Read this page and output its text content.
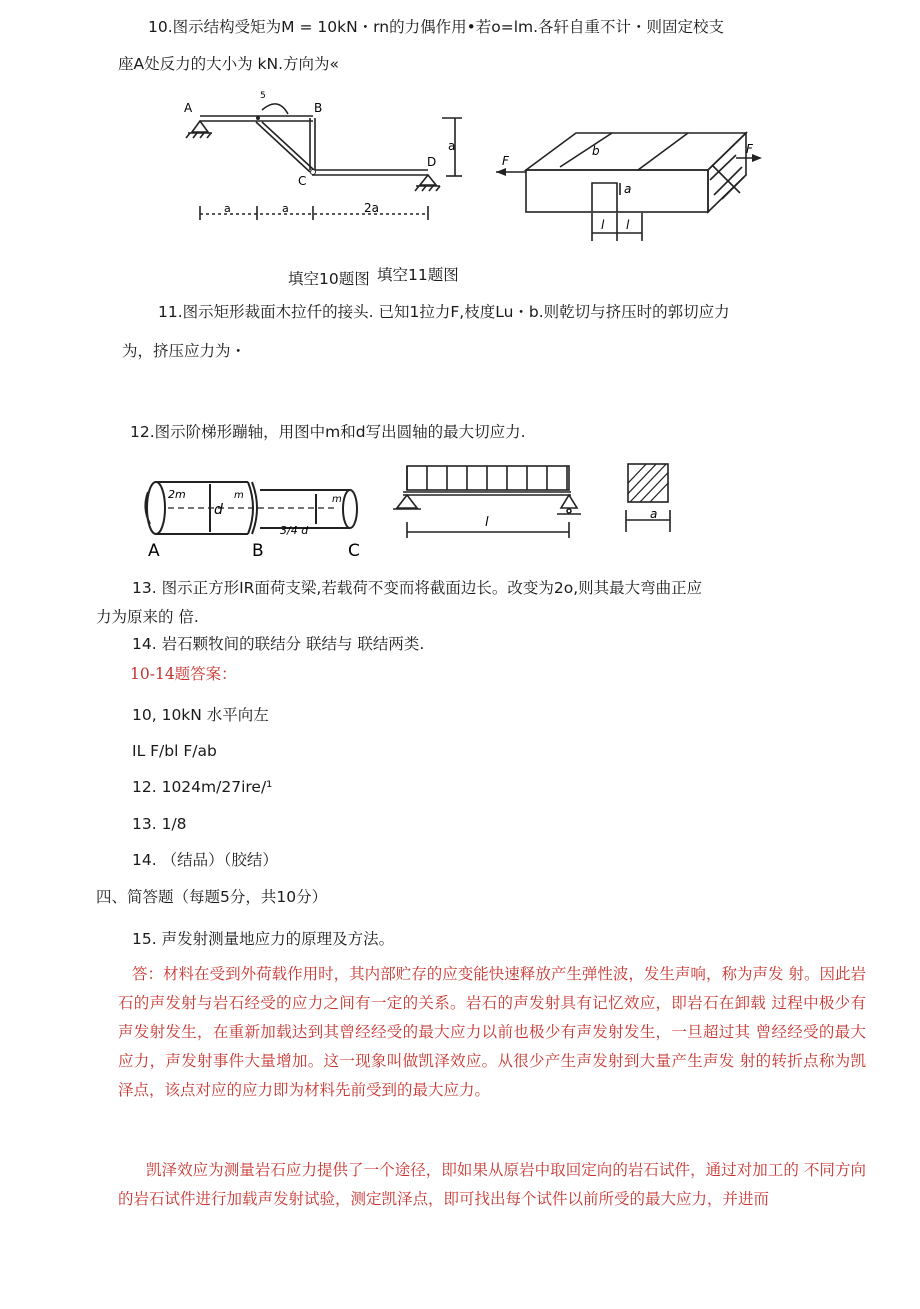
10.图示结构受矩为M = 10kN・rn的力偶作用•若o=lm.各轩自重不计・则固定校支
座A处反力的大小为 kN.方向为«
A	B
C
D
5
a
a	a	2a
F
F
b
a
l l
填空10题图 填空11题图
11.图示矩形裁面木拉仟的接头. 已知1拉力F,枝度Lu・b.则乾切与挤压时的郭切应力
为，挤压应力为・
12.图示阶梯形蹦轴，用图中m和d写出圆轴的最大切应力.
2m
d
m	m
3/4 d
A	B	C
l
a
13. 图示正方形IR面荷支梁,若载荷不变而将截面边长。改变为2o,则其最大弯曲正应
力为原来的 倍.
14. 岩石颗牧间的联结分 联结与 联结两类.
10-14题答案：
10, 10kN 水平向左
IL F/bl F/ab
12. 1024m/27ire/¹
13. 1/8
14. （结品）（胶结）
四、简答题（每题5分，共10分）
15. 声发射测量地应力的原理及方法。
答：材料在受到外荷载作用时，其内部贮存的应变能快速释放产生弹性波，发生声响，称为声发 射。因此岩石的声发射与岩石经受的应力之间有一定的关系。岩石的声发射具有记忆效应，即岩石在卸载 过程中极少有声发射发生，在重新加载达到其曾经经受的最大应力以前也极少有声发射发生，一旦超过其 曾经经受的最大应力，声发射事件大量增加。这一现象叫做凯泽效应。从很少产生声发射到大量产生声发 射的转折点称为凯泽点，该点对应的应力即为材料先前受到的最大应力。
凯泽效应为测量岩石应力提供了一个途径，即如果从原岩中取回定向的岩石试件，通过对加工的 不同方向的岩石试件进行加载声发射试验，测定凯泽点，即可找出每个试件以前所受的最大应力，并进而
